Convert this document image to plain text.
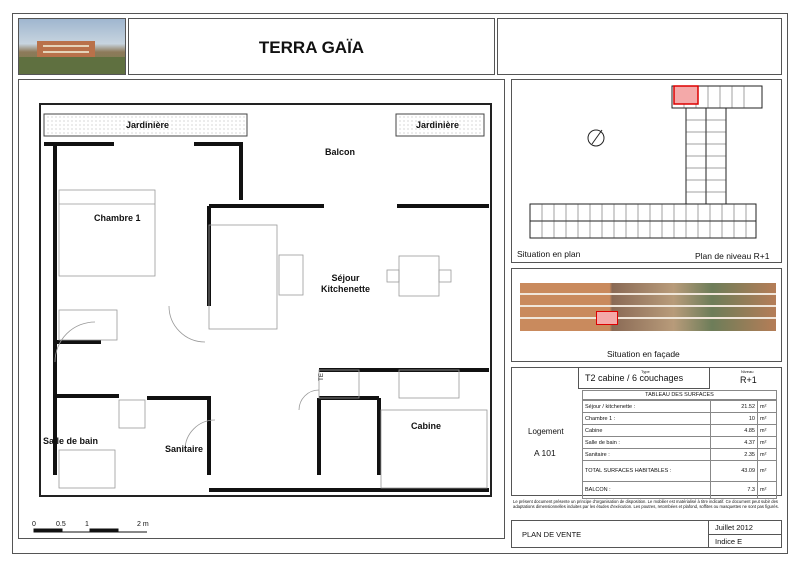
TERRA GAÏA
Jardinière	Jardinière
Balcon
Chambre 1
Séjour
Kitchenette
Salle de bain
Sanitaire
Cabine
TE
0	0.5	1	2 m
Situation en plan	Plan de niveau R+1
Situation en façade
Type
T2 cabine / 6 couchages
Niveau
R+1
Logement
A 101
TABLEAU DES SURFACES
Séjour / kitchenette :	21.52	m²
Chambre 1 :	10	m²
Cabine	4.85	m²
Salle de bain :	4.37	m²
Sanitaire :	2.35	m²
TOTAL SURFACES HABITABLES :	43.09	m²
BALCON :	7.3	m²
Le présent document présente un principe d'organisation de disposition. Le mobilier est matérialisé à titre indicatif. Ce document peut subir des adaptations dimensionnelles induites par les études d'exécution. Les poutres, retombées et plafond, soffites ou masquettes ne sont pas figurés.
PLAN DE VENTE
Juillet 2012
Indice E
